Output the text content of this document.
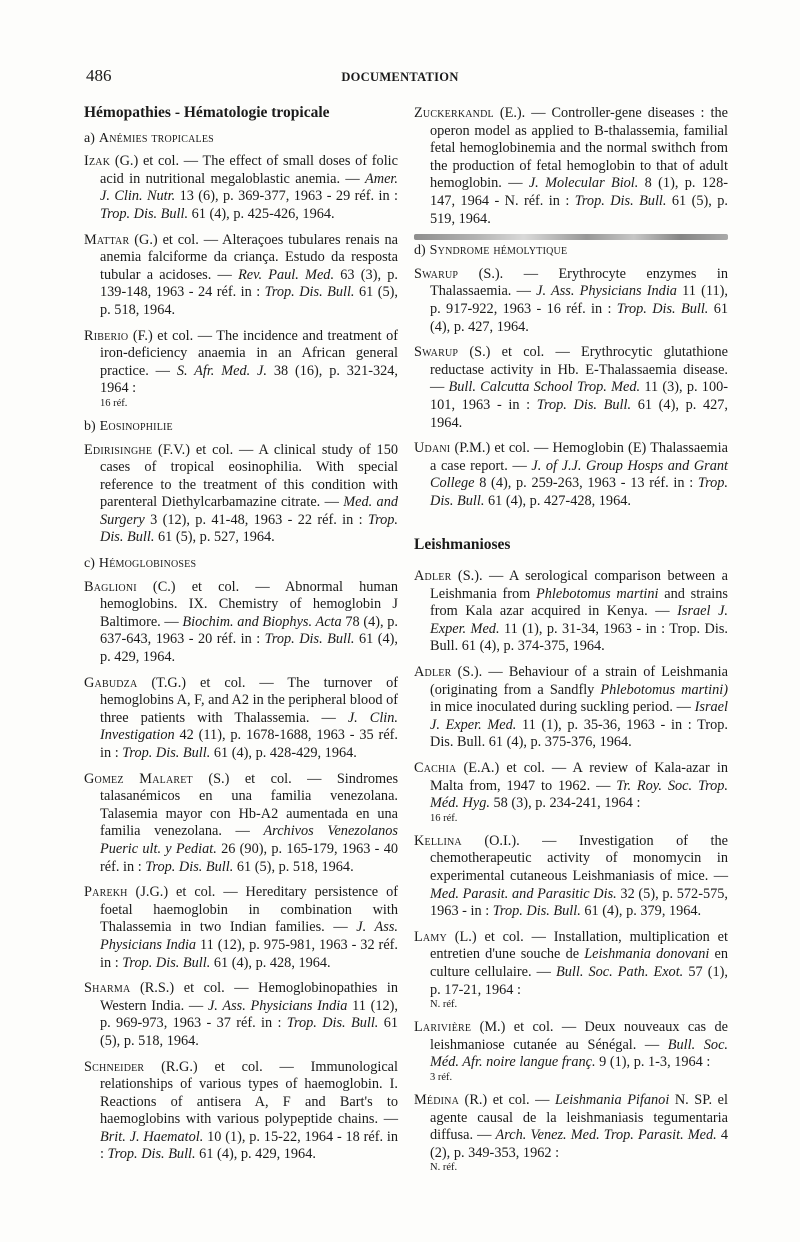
486	DOCUMENTATION
Hémopathies - Hématologie tropicale
a) Anémies tropicales

Izak (G.) et col. — The effect of small doses of folic acid in nutritional megaloblastic anemia. — Amer. J. Clin. Nutr. 13 (6), p. 369-377, 1963 - 29 réf. in : Trop. Dis. Bull. 61 (4), p. 425-426, 1964.

Mattar (G.) et col. — Alteraçoes tubulares renais na anemia falciforme da criança. Estudo da resposta tubular a acidoses. — Rev. Paul. Med. 63 (3), p. 139-148, 1963 - 24 réf. in : Trop. Dis. Bull. 61 (5), p. 518, 1964.

Riberio (F.) et col. — The incidence and treatment of iron-deficiency anaemia in an African general practice. — S. Afr. Med. J. 38 (16), p. 321-324, 1964 :
16 réf.

b) Eosinophilie

Edirisinghe (F.V.) et col. — A clinical study of 150 cases of tropical eosinophilia. With special reference to the treatment of this condition with parenteral Diethylcarbamazine citrate. — Med. and Surgery 3 (12), p. 41-48, 1963 - 22 réf. in : Trop. Dis. Bull. 61 (5), p. 527, 1964.

c) Hémoglobinoses

Baglioni (C.) et col. — Abnormal human hemoglobins. IX. Chemistry of hemoglobin J Baltimore. — Biochim. and Biophys. Acta 78 (4), p. 637-643, 1963 - 20 réf. in : Trop. Dis. Bull. 61 (4), p. 429, 1964.

Gabudza (T.G.) et col. — The turnover of hemoglobins A, F, and A2 in the peripheral blood of three patients with Thalassemia. — J. Clin. Investigation 42 (11), p. 1678-1688, 1963 - 35 réf. in : Trop. Dis. Bull. 61 (4), p. 428-429, 1964.

Gomez Malaret (S.) et col. — Sindromes talasanémicos en una familia venezolana. Talasemia mayor con Hb-A2 aumentada en una familia venezolana. — Archivos Venezolanos Pueric ult. y Pediat. 26 (90), p. 165-179, 1963 - 40 réf. in : Trop. Dis. Bull. 61 (5), p. 518, 1964.

Parekh (J.G.) et col. — Hereditary persistence of foetal haemoglobin in combination with Thalassemia in two Indian families. — J. Ass. Physicians India 11 (12), p. 975-981, 1963 - 32 réf. in : Trop. Dis. Bull. 61 (4), p. 428, 1964.

Sharma (R.S.) et col. — Hemoglobinopathies in Western India. — J. Ass. Physicians India 11 (12), p. 969-973, 1963 - 37 réf. in : Trop. Dis. Bull. 61 (5), p. 518, 1964.

Schneider (R.G.) et col. — Immunological relationships of various types of haemoglobin. I. Reactions of antisera A, F and Bart's to haemoglobins with various polypeptide chains. — Brit. J. Haematol. 10 (1), p. 15-22, 1964 - 18 réf. in : Trop. Dis. Bull. 61 (4), p. 429, 1964.

Zuckerkandl (E.). — Controller-gene diseases : the operon model as applied to B-thalassemia, familial fetal hemoglobinemia and the normal swithch from the production of fetal hemoglobin to that of adult hemoglobin. — J. Molecular Biol. 8 (1), p. 128-147, 1964 - N. réf. in : Trop. Dis. Bull. 61 (5), p. 519, 1964.

d) Syndrome hémolytique

Swarup (S.). — Erythrocyte enzymes in Thalassaemia. — J. Ass. Physicians India 11 (11), p. 917-922, 1963 - 16 réf. in : Trop. Dis. Bull. 61 (4), p. 427, 1964.

Swarup (S.) et col. — Erythrocytic glutathione reductase activity in Hb. E-Thalassaemia disease. — Bull. Calcutta School Trop. Med. 11 (3), p. 100-101, 1963 - in : Trop. Dis. Bull. 61 (4), p. 427, 1964.

Udani (P.M.) et col. — Hemoglobin (E) Thalassaemia a case report. — J. of J.J. Group Hosps and Grant College 8 (4), p. 259-263, 1963 - 13 réf. in : Trop. Dis. Bull. 61 (4), p. 427-428, 1964.

Leishmanioses

Adler (S.). — A serological comparison between a Leishmania from Phlebotomus martini and strains from Kala azar acquired in Kenya. — Israel J. Exper. Med. 11 (1), p. 31-34, 1963 - in : Trop. Dis. Bull. 61 (4), p. 374-375, 1964.

Adler (S.). — Behaviour of a strain of Leishmania (originating from a Sandfly Phlebotomus martini) in mice inoculated during suckling period. — Israel J. Exper. Med. 11 (1), p. 35-36, 1963 - in : Trop. Dis. Bull. 61 (4), p. 375-376, 1964.

Cachia (E.A.) et col. — A review of Kala-azar in Malta from, 1947 to 1962. — Tr. Roy. Soc. Trop. Méd. Hyg. 58 (3), p. 234-241, 1964 :
16 réf.

Kellina (O.I.). — Investigation of the chemotherapeutic activity of monomycin in experimental cutaneous Leishmaniasis of mice. — Med. Parasit. and Parasitic Dis. 32 (5), p. 572-575, 1963 - in : Trop. Dis. Bull. 61 (4), p. 379, 1964.

Lamy (L.) et col. — Installation, multiplication et entretien d'une souche de Leishmania donovani en culture cellulaire. — Bull. Soc. Path. Exot. 57 (1), p. 17-21, 1964 :
N. réf.

Larivière (M.) et col. — Deux nouveaux cas de leishmaniose cutanée au Sénégal. — Bull. Soc. Méd. Afr. noire langue franç. 9 (1), p. 1-3, 1964 :
3 réf.

Médina (R.) et col. — Leishmania Pifanoi N. SP. el agente causal de la leishmaniasis tegumentaria diffusa. — Arch. Venez. Med. Trop. Parasit. Med. 4 (2), p. 349-353, 1962 :
N. réf.
